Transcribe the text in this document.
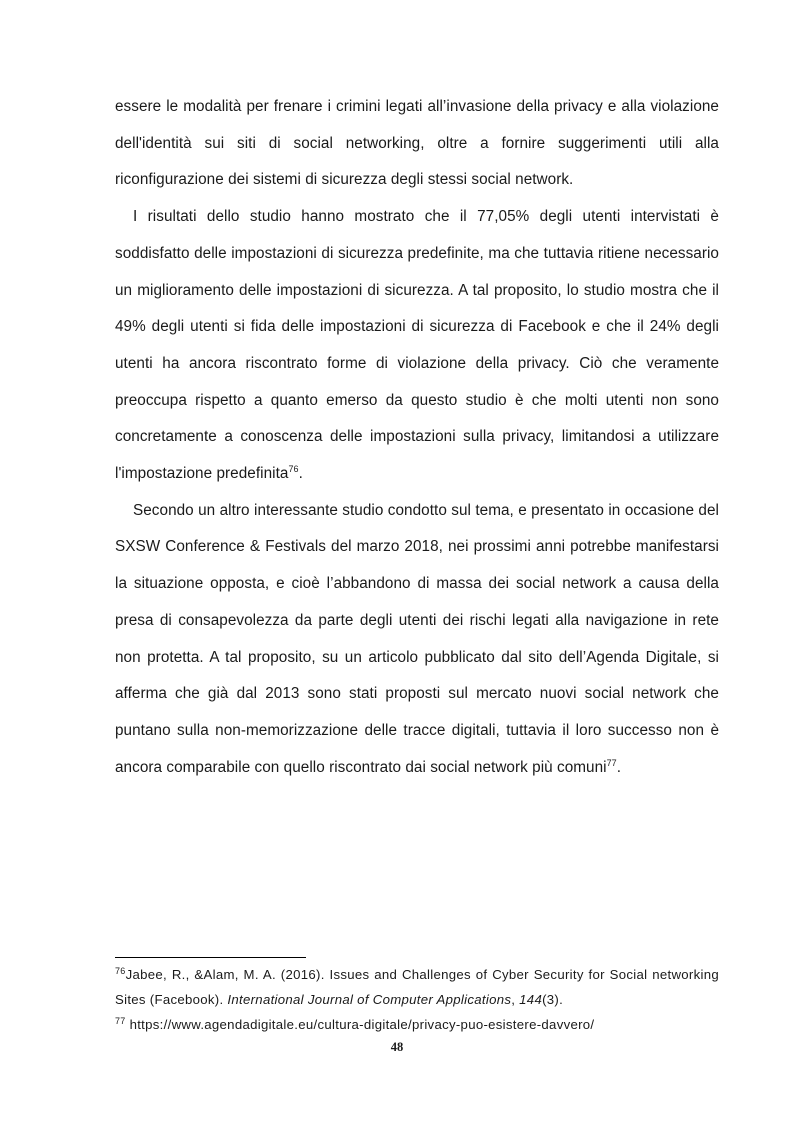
essere le modalità per frenare i crimini legati all’invasione della privacy e alla violazione dell'identità sui siti di social networking, oltre a fornire suggerimenti utili alla riconfigurazione dei sistemi di sicurezza degli stessi social network.

I risultati dello studio hanno mostrato che il 77,05% degli utenti intervistati è soddisfatto delle impostazioni di sicurezza predefinite, ma che tuttavia ritiene necessario un miglioramento delle impostazioni di sicurezza. A tal proposito, lo studio mostra che il 49% degli utenti si fida delle impostazioni di sicurezza di Facebook e che il 24% degli utenti ha ancora riscontrato forme di violazione della privacy. Ciò che veramente preoccupa rispetto a quanto emerso da questo studio è che molti utenti non sono concretamente a conoscenza delle impostazioni sulla privacy, limitandosi a utilizzare l'impostazione predefinita$^{76}$.

Secondo un altro interessante studio condotto sul tema, e presentato in occasione del SXSW Conference & Festivals del marzo 2018, nei prossimi anni potrebbe manifestarsi la situazione opposta, e cioè l’abbandono di massa dei social network a causa della presa di consapevolezza da parte degli utenti dei rischi legati alla navigazione in rete non protetta. A tal proposito, su un articolo pubblicato dal sito dell’Agenda Digitale, si afferma che già dal 2013 sono stati proposti sul mercato nuovi social network che puntano sulla non-memorizzazione delle tracce digitali, tuttavia il loro successo non è ancora comparabile con quello riscontrato dai social network più comuni$^{77}$.

$^{76}$Jabee, R., &Alam, M. A. (2016). Issues and Challenges of Cyber Security for Social networking Sites (Facebook). International Journal of Computer Applications, 144(3).

$^{77}$ https://www.agendadigitale.eu/cultura-digitale/privacy-puo-esistere-davvero/

48
